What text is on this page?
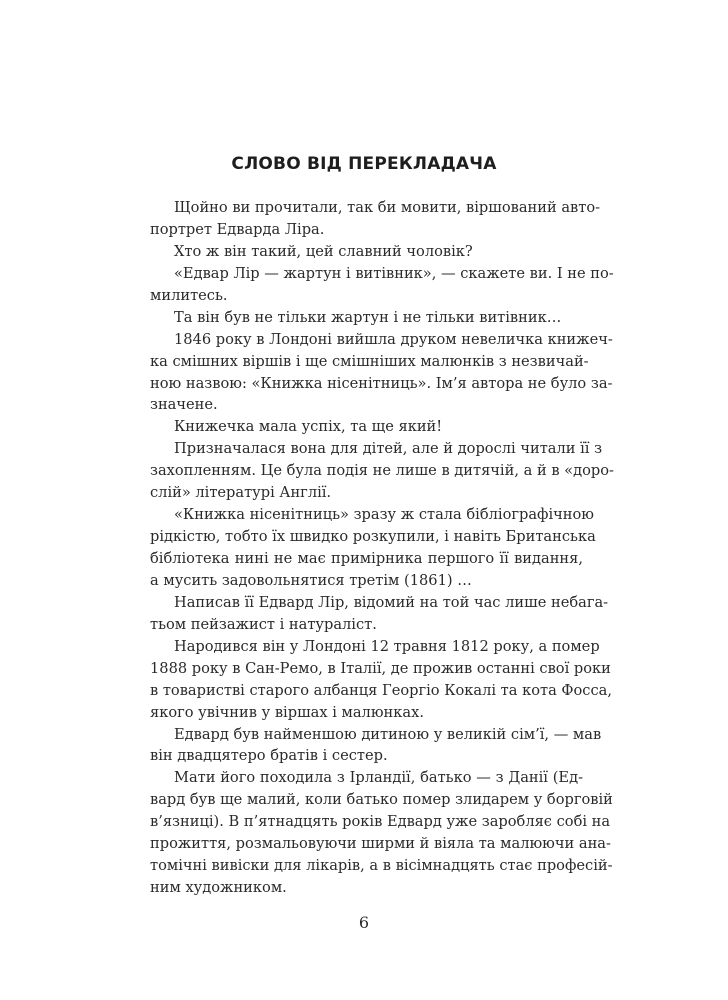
СЛОВО ВІД ПЕРЕКЛАДАЧА
Щойно ви прочитали, так би мовити, віршований авто-
портрет Едварда Ліра.
Хто ж він такий, цей славний чоловік?
«Едвар Лір — жартун і витівник», — скажете ви. І не по-
милитесь.
Та він був не тільки жартун і не тільки витівник…
1846 року в Лондоні вийшла друком невеличка книжеч-
ка смішних віршів і ще смішніших малюнків з незвичай-
ною назвою: «Книжка нісенітниць». Ім’я автора не було за-
значене.
Книжечка мала успіх, та ще який!
Призначалася вона для дітей, але й дорослі читали її з
захопленням. Це була подія не лише в дитячій, а й в «доро-
слій» літературі Англії.
«Книжка нісенітниць» зразу ж стала бібліографічною
рідкістю, тобто їх швидко розкупили, і навіть Британська
бібліотека нині не має примірника першого її видання,
а мусить задовольнятися третім (1861) …
Написав її Едвард Лір, відомий на той час лише небага-
тьом пейзажист і натураліст.
Народився він у Лондоні 12 травня 1812 року, а помер
1888 року в Сан-Ремо, в Італії, де прожив останні свої роки
в товаристві старого албанця Георгіо Кокалі та кота Фосса,
якого увічнив у віршах і малюнках.
Едвард був найменшою дитиною у великій сім’ї, — мав
він двадцятеро братів і сестер.
Мати його походила з Ірландії, батько — з Данії (Ед-
вард був ще малий, коли батько помер злидарем у борговій
в’язниці). В п’ятнадцять років Едвард уже заробляє собі на
прожиття, розмальовуючи ширми й віяла та малюючи ана-
томічні вивіски для лікарів, а в вісімнадцять стає професій-
ним художником.
6
